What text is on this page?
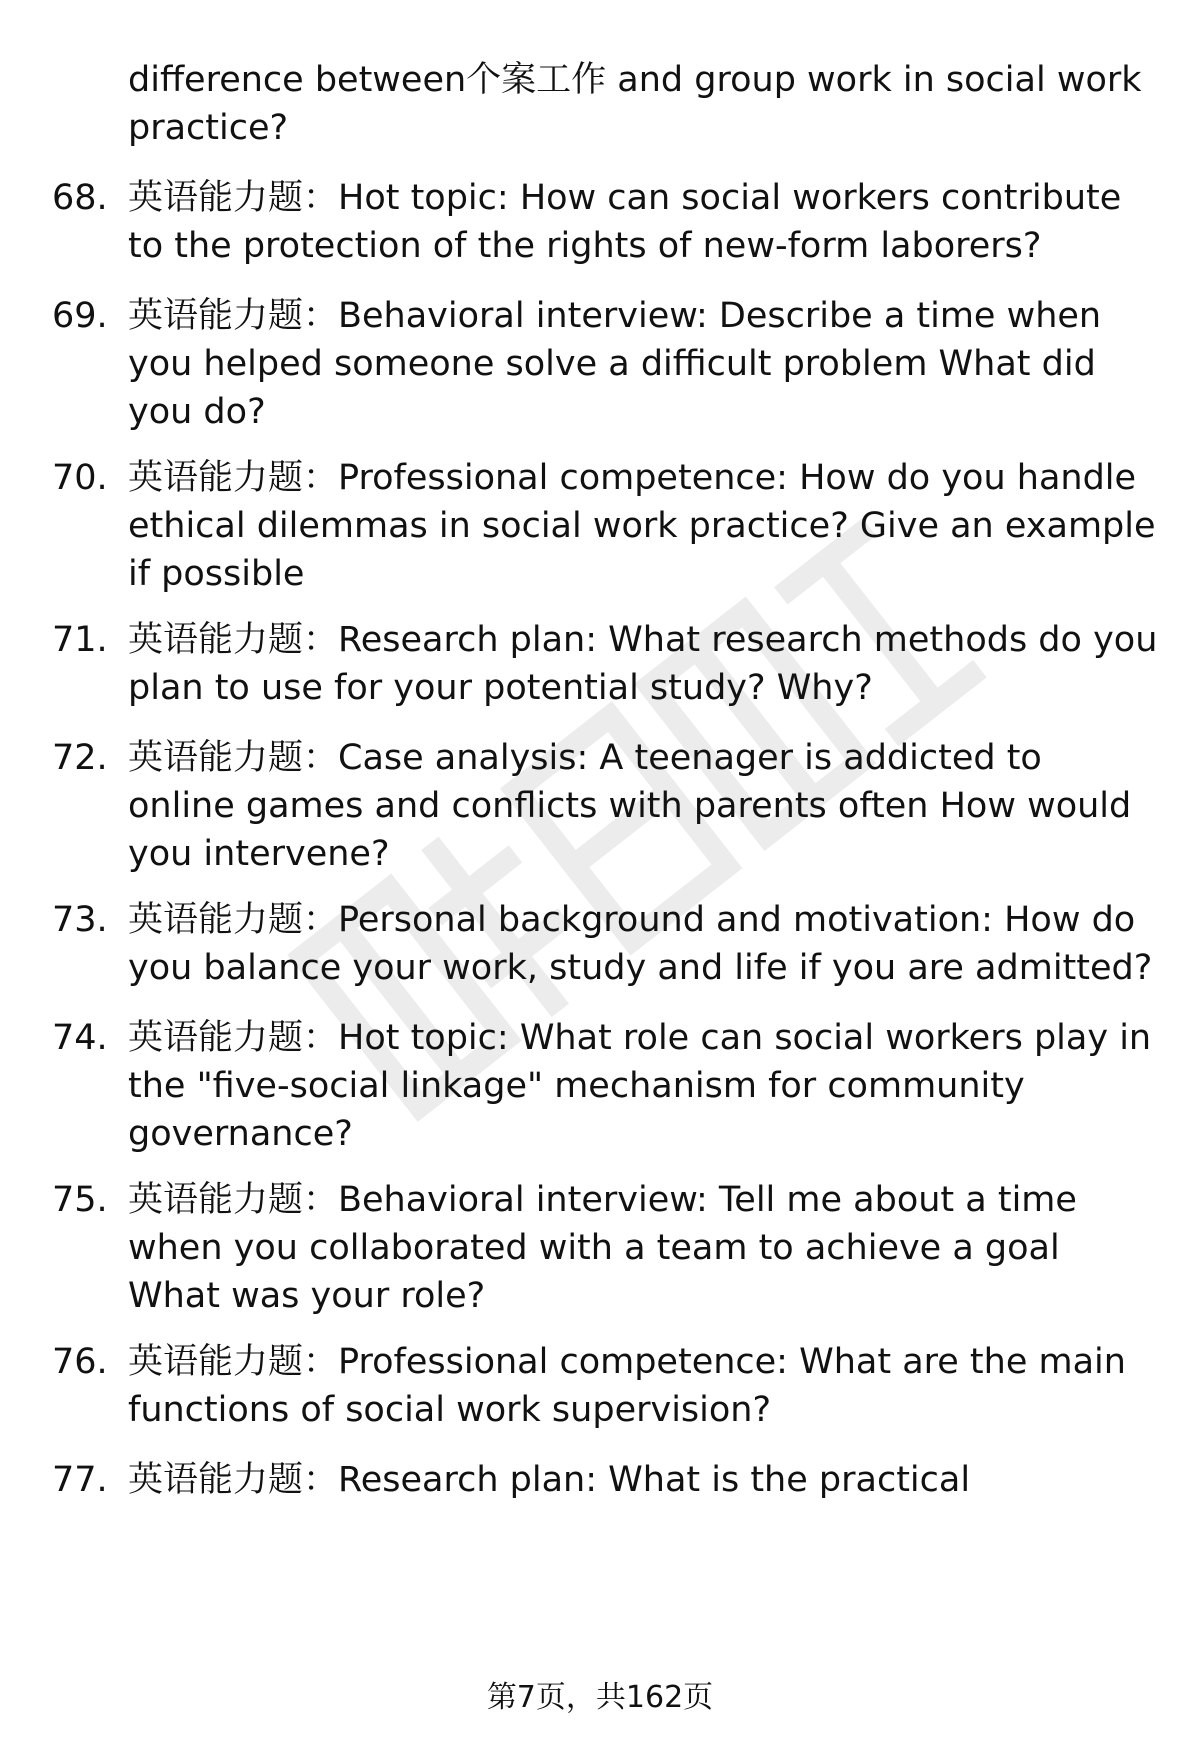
difference between个案工作 and group work in social work practice?
68. 英语能力题：Hot topic: How can social workers contribute to the protection of the rights of new-form laborers?
69. 英语能力题：Behavioral interview: Describe a time when you helped someone solve a difficult problem What did you do?
70. 英语能力题：Professional competence: How do you handle ethical dilemmas in social work practice? Give an example if possible
71. 英语能力题：Research plan: What research methods do you plan to use for your potential study? Why?
72. 英语能力题：Case analysis: A teenager is addicted to online games and conflicts with parents often How would you intervene?
73. 英语能力题：Personal background and motivation: How do you balance your work, study and life if you are admitted?
74. 英语能力题：Hot topic: What role can social workers play in the "five-social linkage" mechanism for community governance?
75. 英语能力题：Behavioral interview: Tell me about a time when you collaborated with a team to achieve a goal What was your role?
76. 英语能力题：Professional competence: What are the main functions of social work supervision?
77. 英语能力题：Research plan: What is the practical
第7页，共162页
